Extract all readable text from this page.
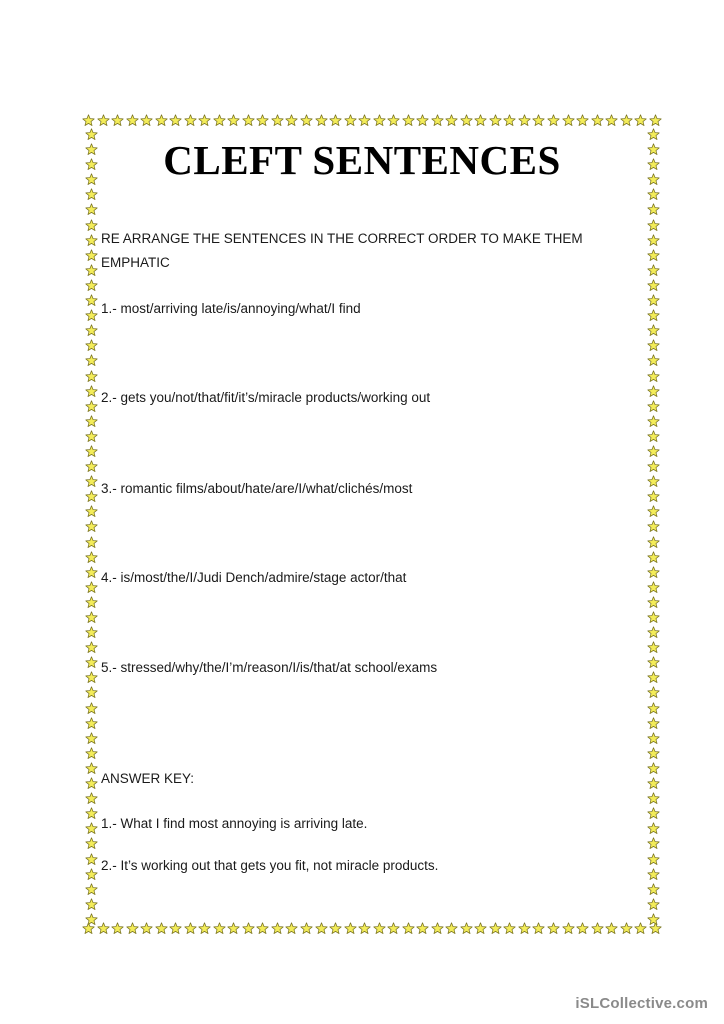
CLEFT SENTENCES
RE ARRANGE THE SENTENCES IN THE CORRECT ORDER TO MAKE THEM
EMPHATIC
1.- most/arriving late/is/annoying/what/I find
2.- gets you/not/that/fit/it’s/miracle products/working out
3.- romantic films/about/hate/are/I/what/clichés/most
4.- is/most/the/I/Judi Dench/admire/stage actor/that
5.- stressed/why/the/I’m/reason/I/is/that/at school/exams
ANSWER KEY:
1.- What I find most annoying is arriving late.
2.- It’s working out that gets you fit, not miracle products.
iSLCollective.com
